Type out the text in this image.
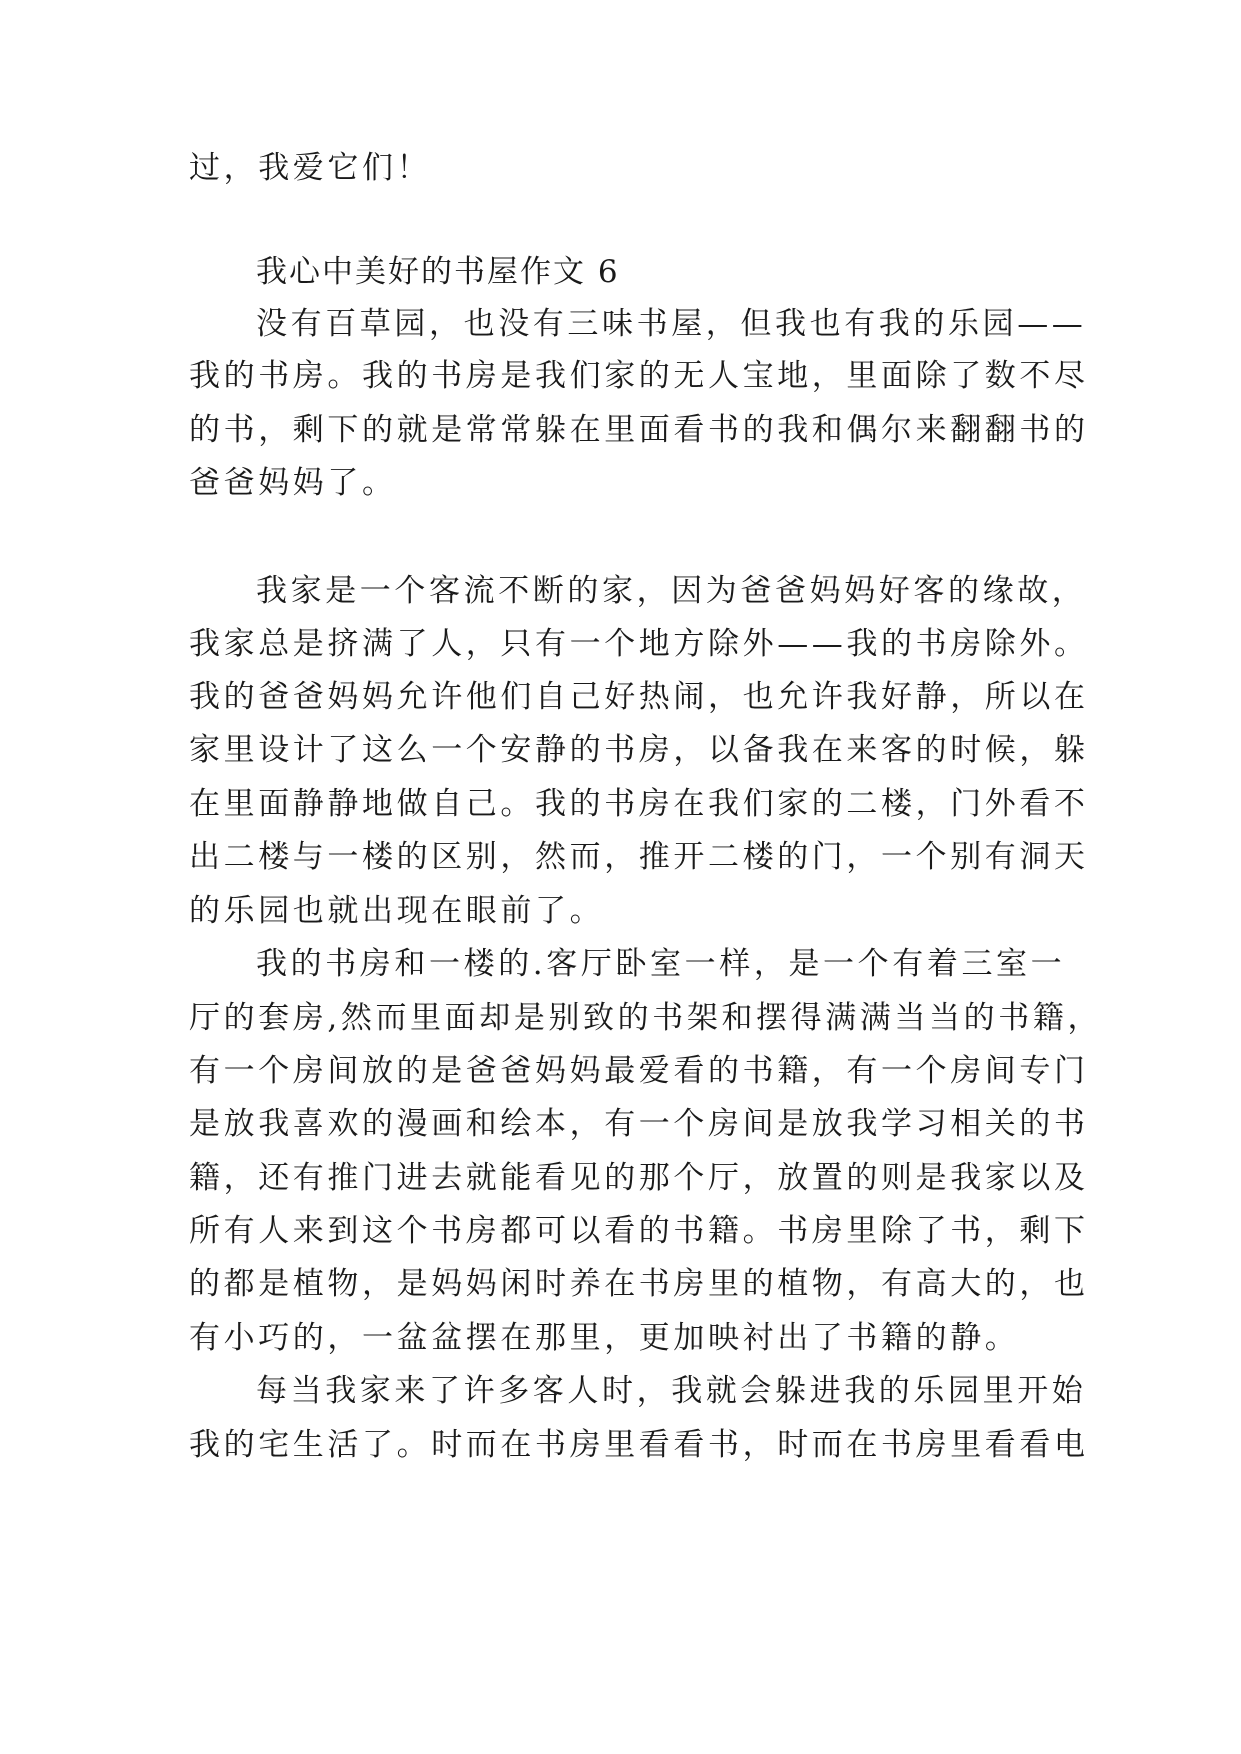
过，我爱它们！
我心中美好的书屋作文 6
没有百草园，也没有三味书屋，但我也有我的乐园——
我的书房。我的书房是我们家的无人宝地，里面除了数不尽
的书，剩下的就是常常躲在里面看书的我和偶尔来翻翻书的
爸爸妈妈了。
我家是一个客流不断的家，因为爸爸妈妈好客的缘故，
我家总是挤满了人，只有一个地方除外——我的书房除外。
我的爸爸妈妈允许他们自己好热闹，也允许我好静，所以在
家里设计了这么一个安静的书房，以备我在来客的时候，躲
在里面静静地做自己。我的书房在我们家的二楼，门外看不
出二楼与一楼的区别，然而，推开二楼的门，一个别有洞天
的乐园也就出现在眼前了。
我的书房和一楼的.客厅卧室一样，是一个有着三室一
厅的套房,然而里面却是别致的书架和摆得满满当当的书籍，
有一个房间放的是爸爸妈妈最爱看的书籍，有一个房间专门
是放我喜欢的漫画和绘本，有一个房间是放我学习相关的书
籍，还有推门进去就能看见的那个厅，放置的则是我家以及
所有人来到这个书房都可以看的书籍。书房里除了书，剩下
的都是植物，是妈妈闲时养在书房里的植物，有高大的，也
有小巧的，一盆盆摆在那里，更加映衬出了书籍的静。
每当我家来了许多客人时，我就会躲进我的乐园里开始
我的宅生活了。时而在书房里看看书，时而在书房里看看电
